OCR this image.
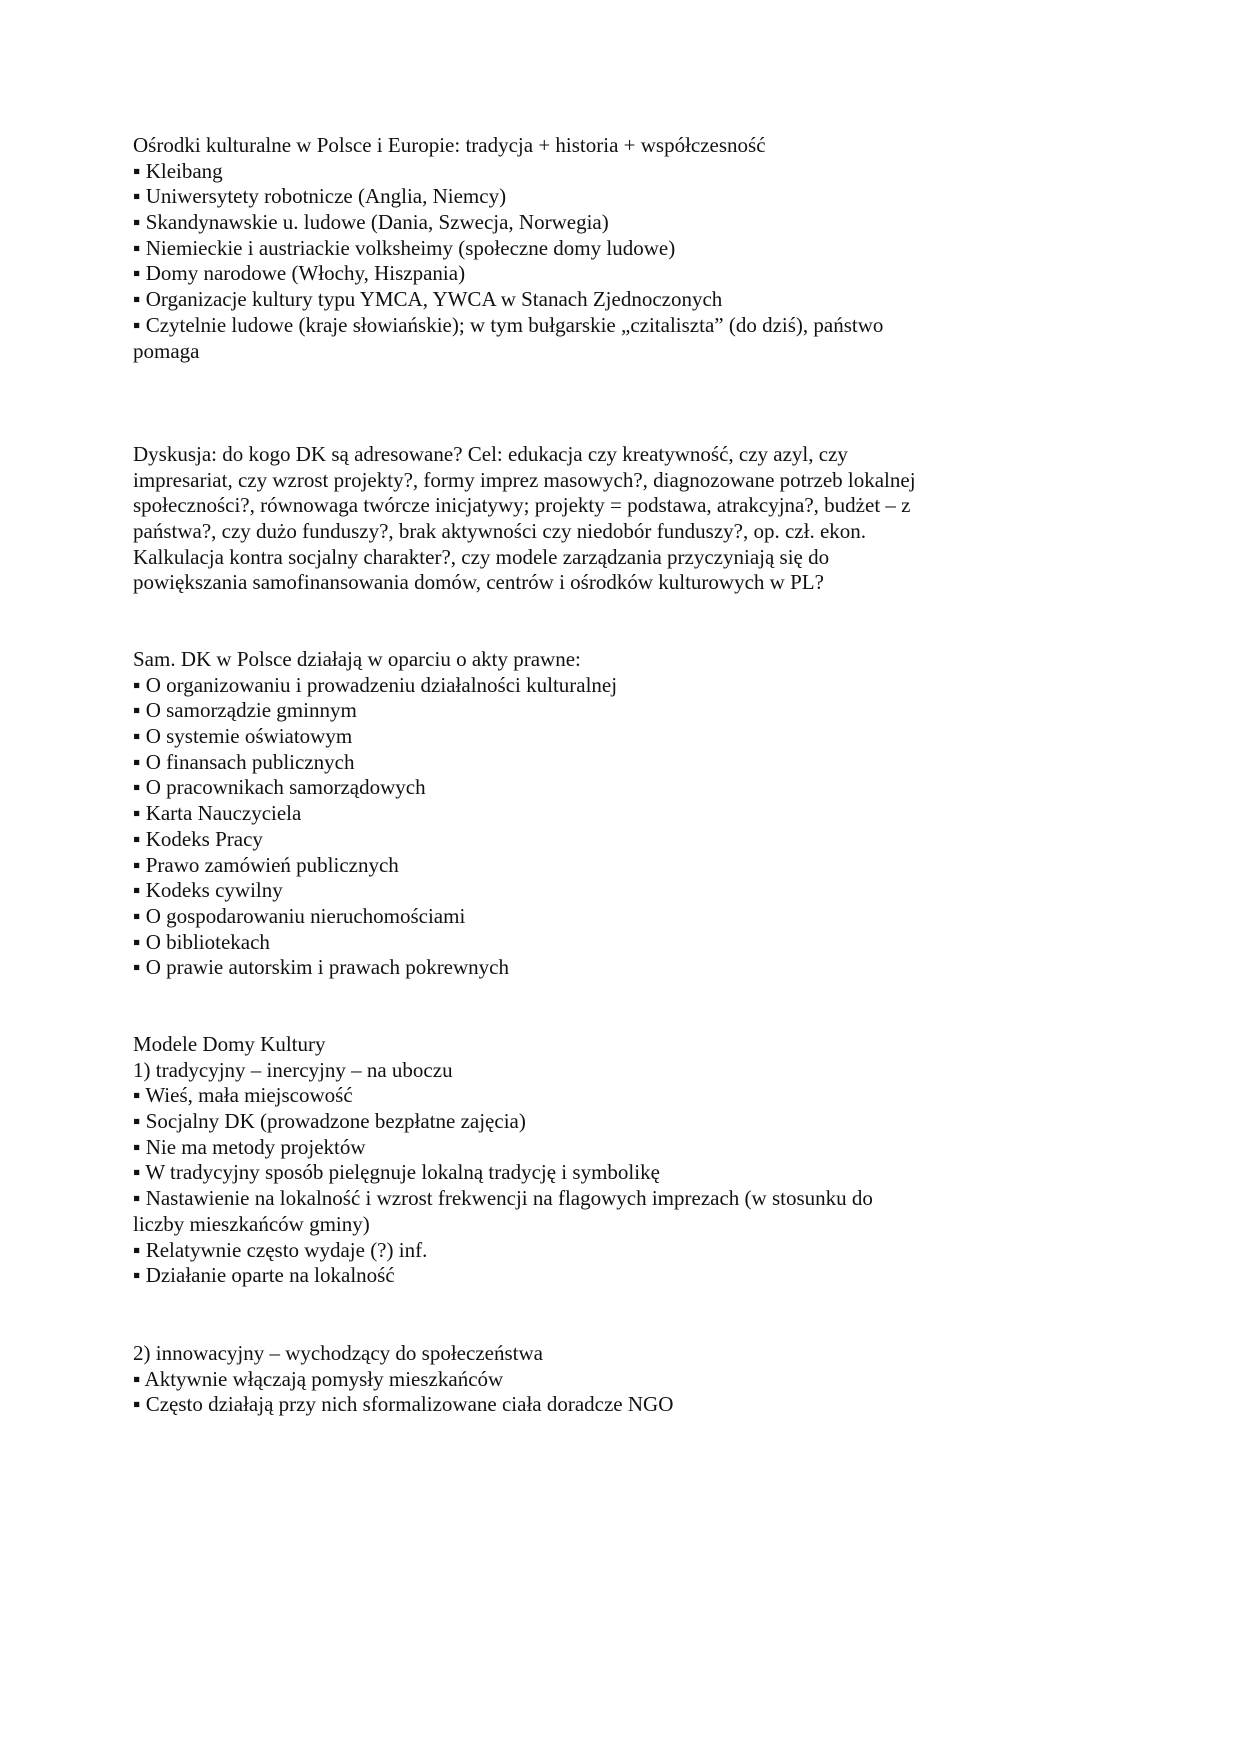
Ośrodki kulturalne w Polsce i Europie: tradycja + historia + współczesność
▪ Kleibang
▪ Uniwersytety robotnicze (Anglia, Niemcy)
▪ Skandynawskie u. ludowe (Dania, Szwecja, Norwegia)
▪ Niemieckie i austriackie volksheimy (społeczne domy ludowe)
▪ Domy narodowe (Włochy, Hiszpania)
▪ Organizacje kultury typu YMCA, YWCA w Stanach Zjednoczonych
▪ Czytelnie ludowe (kraje słowiańskie); w tym bułgarskie „czitaliszta” (do dziś), państwo
pomaga
Dyskusja: do kogo DK są adresowane? Cel: edukacja czy kreatywność, czy azyl, czy
impresariat, czy wzrost projekty?, formy imprez masowych?, diagnozowane potrzeb lokalnej
społeczności?, równowaga twórcze inicjatywy; projekty = podstawa, atrakcyjna?, budżet – z
państwa?, czy dużo funduszy?, brak aktywności czy niedobór funduszy?, op. czł. ekon.
Kalkulacja kontra socjalny charakter?, czy modele zarządzania przyczyniają się do
powiększania samofinansowania domów, centrów i ośrodków kulturowych w PL?
Sam. DK w Polsce działają w oparciu o akty prawne:
▪ O organizowaniu i prowadzeniu działalności kulturalnej
▪ O samorządzie gminnym
▪ O systemie oświatowym
▪ O finansach publicznych
▪ O pracownikach samorządowych
▪ Karta Nauczyciela
▪ Kodeks Pracy
▪ Prawo zamówień publicznych
▪ Kodeks cywilny
▪ O gospodarowaniu nieruchomościami
▪ O bibliotekach
▪ O prawie autorskim i prawach pokrewnych
Modele Domy Kultury
1) tradycyjny – inercyjny – na uboczu
▪ Wieś, mała miejscowość
▪ Socjalny DK (prowadzone bezpłatne zajęcia)
▪ Nie ma metody projektów
▪ W tradycyjny sposób pielęgnuje lokalną tradycję i symbolikę
▪ Nastawienie na lokalność i wzrost frekwencji na flagowych imprezach (w stosunku do
liczby mieszkańców gminy)
▪ Relatywnie często wydaje (?) inf.
▪ Działanie oparte na lokalność
2) innowacyjny – wychodzący do społeczeństwa
▪ Aktywnie włączają pomysły mieszkańców
▪ Często działają przy nich sformalizowane ciała doradcze NGO
